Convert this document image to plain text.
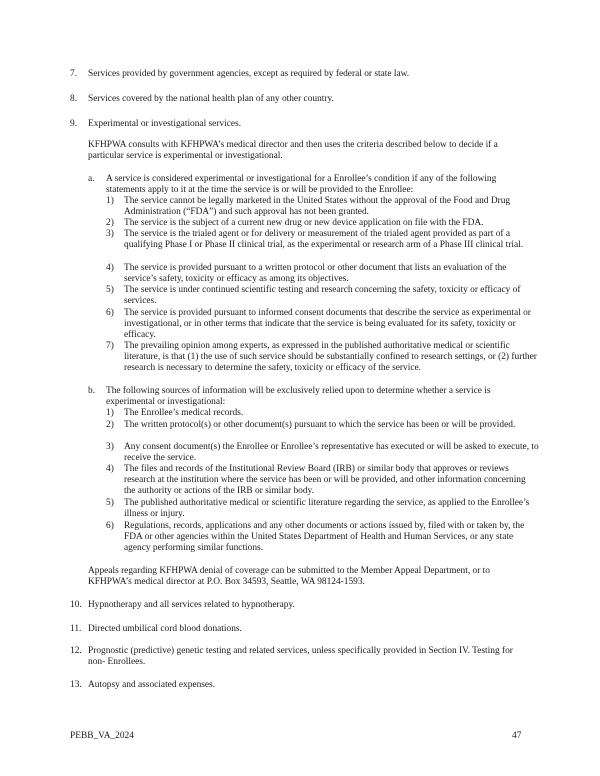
7. Services provided by government agencies, except as required by federal or state law.
8. Services covered by the national health plan of any other country.
9. Experimental or investigational services.
KFHPWA consults with KFHPWA’s medical director and then uses the criteria described below to decide if a particular service is experimental or investigational.
a. A service is considered experimental or investigational for a Enrollee’s condition if any of the following statements apply to it at the time the service is or will be provided to the Enrollee:
1) The service cannot be legally marketed in the United States without the approval of the Food and Drug Administration (“FDA”) and such approval has not been granted.
2) The service is the subject of a current new drug or new device application on file with the FDA.
3) The service is the trialed agent or for delivery or measurement of the trialed agent provided as part of a qualifying Phase I or Phase II clinical trial, as the experimental or research arm of a Phase III clinical trial.
4) The service is provided pursuant to a written protocol or other document that lists an evaluation of the service’s safety, toxicity or efficacy as among its objectives.
5) The service is under continued scientific testing and research concerning the safety, toxicity or efficacy of services.
6) The service is provided pursuant to informed consent documents that describe the service as experimental or investigational, or in other terms that indicate that the service is being evaluated for its safety, toxicity or efficacy.
7) The prevailing opinion among experts, as expressed in the published authoritative medical or scientific literature, is that (1) the use of such service should be substantially confined to research settings, or (2) further research is necessary to determine the safety, toxicity or efficacy of the service.
b. The following sources of information will be exclusively relied upon to determine whether a service is experimental or investigational:
1) The Enrollee’s medical records.
2) The written protocol(s) or other document(s) pursuant to which the service has been or will be provided.
3) Any consent document(s) the Enrollee or Enrollee’s representative has executed or will be asked to execute, to receive the service.
4) The files and records of the Institutional Review Board (IRB) or similar body that approves or reviews research at the institution where the service has been or will be provided, and other information concerning the authority or actions of the IRB or similar body.
5) The published authoritative medical or scientific literature regarding the service, as applied to the Enrollee’s illness or injury.
6) Regulations, records, applications and any other documents or actions issued by, filed with or taken by, the FDA or other agencies within the United States Department of Health and Human Services, or any state agency performing similar functions.
Appeals regarding KFHPWA denial of coverage can be submitted to the Member Appeal Department, or to KFHPWA’s medical director at P.O. Box 34593, Seattle, WA 98124-1593.
10. Hypnotherapy and all services related to hypnotherapy.
11. Directed umbilical cord blood donations.
12. Prognostic (predictive) genetic testing and related services, unless specifically provided in Section IV. Testing for non- Enrollees.
13. Autopsy and associated expenses.
PEBB_VA_2024	47
